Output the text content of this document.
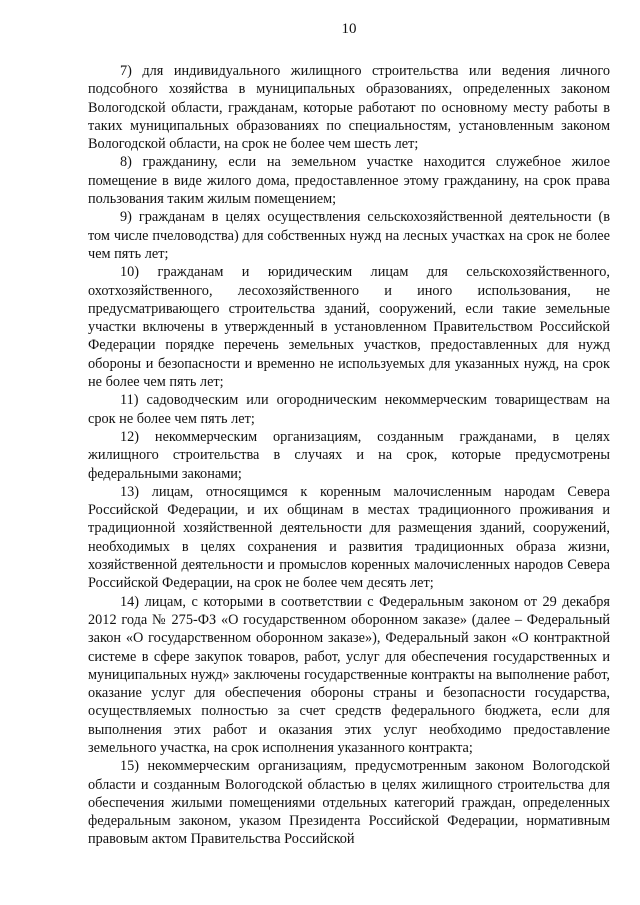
10

7) для индивидуального жилищного строительства или ведения личного подсобного хозяйства в муниципальных образованиях, определенных законом Вологодской области, гражданам, которые работают по основному месту работы в таких муниципальных образованиях по специальностям, установленным законом Вологодской области, на срок не более чем шесть лет;

8) гражданину, если на земельном участке находится служебное жилое помещение в виде жилого дома, предоставленное этому гражданину, на срок права пользования таким жилым помещением;

9) гражданам в целях осуществления сельскохозяйственной деятельности (в том числе пчеловодства) для собственных нужд на лесных участках на срок не более чем пять лет;

10) гражданам и юридическим лицам для сельскохозяйственного, охотхозяйственного, лесохозяйственного и иного использования, не предусматривающего строительства зданий, сооружений, если такие земельные участки включены в утвержденный в установленном Правительством Российской Федерации порядке перечень земельных участков, предоставленных для нужд обороны и безопасности и временно не используемых для указанных нужд, на срок не более чем пять лет;

11) садоводческим или огородническим некоммерческим товариществам на срок не более чем пять лет;

12) некоммерческим организациям, созданным гражданами, в целях жилищного строительства в случаях и на срок, которые предусмотрены федеральными законами;

13) лицам, относящимся к коренным малочисленным народам Севера Российской Федерации, и их общинам в местах традиционного проживания и традиционной хозяйственной деятельности для размещения зданий, сооружений, необходимых в целях сохранения и развития традиционных образа жизни, хозяйственной деятельности и промыслов коренных малочисленных народов Севера Российской Федерации, на срок не более чем десять лет;

14) лицам, с которыми в соответствии с Федеральным законом от 29 декабря 2012 года № 275-ФЗ «О государственном оборонном заказе» (далее – Федеральный закон «О государственном оборонном заказе»), Федеральный закон «О контрактной системе в сфере закупок товаров, работ, услуг для обеспечения государственных и муниципальных нужд» заключены государственные контракты на выполнение работ, оказание услуг для обеспечения обороны страны и безопасности государства, осуществляемых полностью за счет средств федерального бюджета, если для выполнения этих работ и оказания этих услуг необходимо предоставление земельного участка, на срок исполнения указанного контракта;

15) некоммерческим организациям, предусмотренным законом Вологодской области и созданным Вологодской областью в целях жилищного строительства для обеспечения жилыми помещениями отдельных категорий граждан, определенных федеральным законом, указом Президента Российской Федерации, нормативным правовым актом Правительства Российской
